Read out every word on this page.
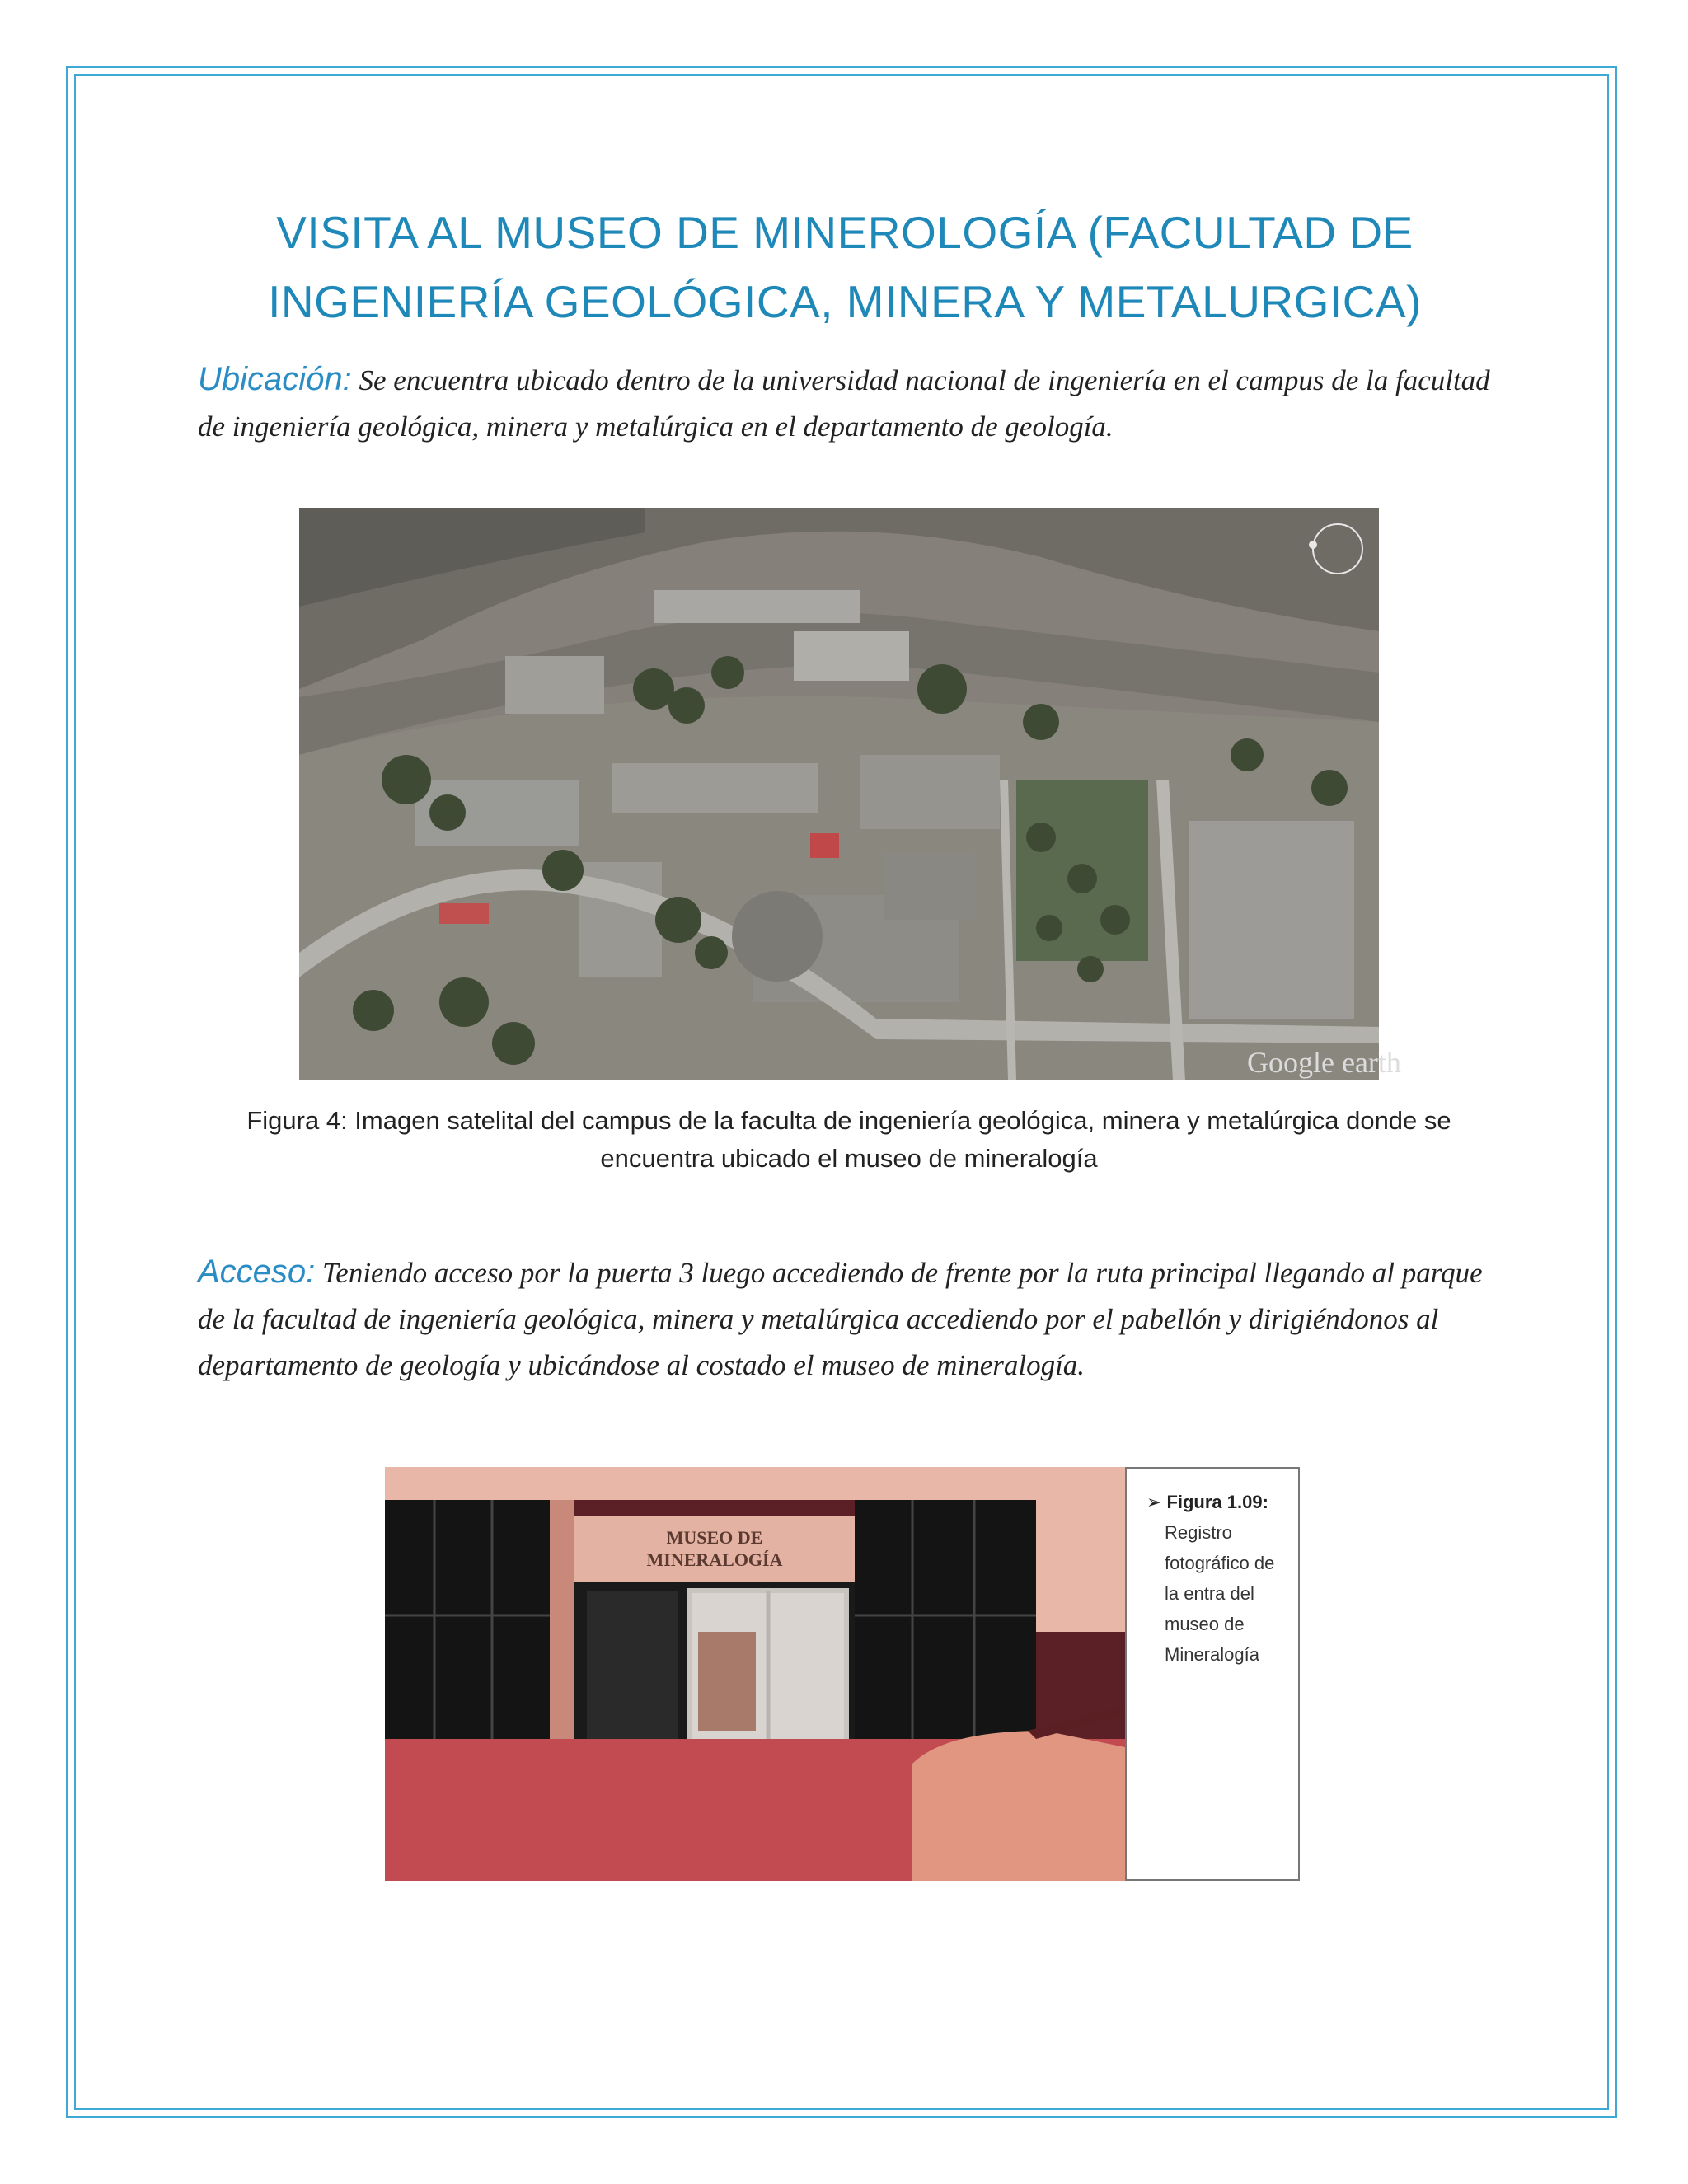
VISITA AL MUSEO DE MINEROLOGÍA (FACULTAD DE
INGENIERÍA GEOLÓGICA, MINERA Y METALURGICA)
Ubicación: Se encuentra ubicado dentro de la universidad nacional de ingeniería en el campus de la facultad de ingeniería geológica, minera y metalúrgica en el departamento de geología.
Google earth
Figura 4: Imagen satelital del campus de la faculta de ingeniería geológica, minera y metalúrgica donde se encuentra ubicado el museo de mineralogía
Acceso: Teniendo acceso por la puerta 3 luego accediendo de frente por la ruta principal llegando al parque de la facultad de ingeniería geológica, minera y metalúrgica accediendo por el pabellón y dirigiéndonos al departamento de geología y ubicándose al costado el museo de mineralogía.
MUSEO DE
MINERALOGÍA
➢ Figura 1.09:
Registro fotográfico de la entra del museo de Mineralogía
